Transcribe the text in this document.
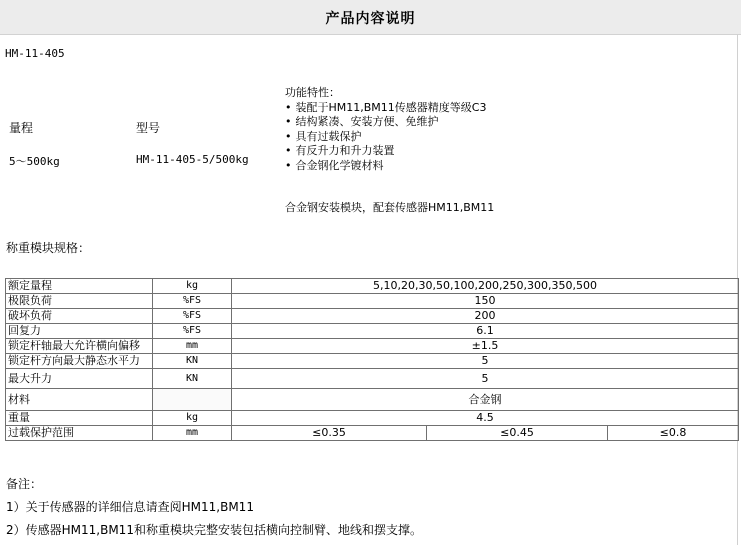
产品内容说明
HM-11-405
量程	型号
5～500kg	HM-11-405-5/500kg
功能特性：
• 装配于HM11,BM11传感器精度等级C3
• 结构紧凑、安装方便、免维护
• 具有过载保护
• 有反升力和升力装置
• 合金钢化学镀材料
合金钢安装模块，配套传感器HM11,BM11
称重模块规格：
额定量程	kg	5,10,20,30,50,100,200,250,300,350,500		
极限负荷	%FS	150		
破坏负荷	%FS	200		
回复力	%FS	6.1		
锁定杆轴最大允许横向偏移	mm	±1.5		
锁定杆方向最大静态水平力	KN	5		
最大升力	KN	5		
材料		合金钢		
重量	kg	4.5		
过载保护范围	mm	≤0.35	≤0.45	≤0.8
备注：
1）关于传感器的详细信息请查阅HM11,BM11
2）传感器HM11,BM11和称重模块完整安装包括横向控制臂、地线和摆支撑。
